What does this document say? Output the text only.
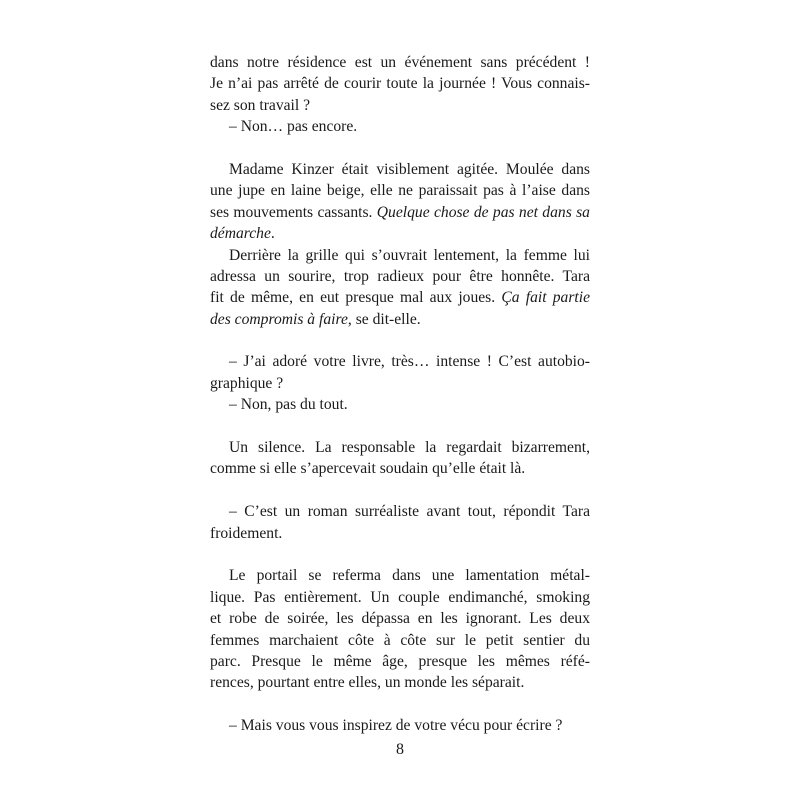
dans notre résidence est un événement sans précédent !
Je n’ai pas arrêté de courir toute la journée ! Vous connais-
sez son travail ?
– Non… pas encore.
Madame Kinzer était visiblement agitée. Moulée dans
une jupe en laine beige, elle ne paraissait pas à l’aise dans
ses mouvements cassants. Quelque chose de pas net dans sa
démarche.
Derrière la grille qui s’ouvrait lentement, la femme lui
adressa un sourire, trop radieux pour être honnête. Tara
fit de même, en eut presque mal aux joues. Ça fait partie
des compromis à faire, se dit-elle.
– J’ai adoré votre livre, très… intense ! C’est autobio-
graphique ?
– Non, pas du tout.
Un silence. La responsable la regardait bizarrement,
comme si elle s’apercevait soudain qu’elle était là.
– C’est un roman surréaliste avant tout, répondit Tara
froidement.
Le portail se referma dans une lamentation métal-
lique. Pas entièrement. Un couple endimanché, smoking
et robe de soirée, les dépassa en les ignorant. Les deux
femmes marchaient côte à côte sur le petit sentier du
parc. Presque le même âge, presque les mêmes réfé-
rences, pourtant entre elles, un monde les séparait.
– Mais vous vous inspirez de votre vécu pour écrire ?
8
